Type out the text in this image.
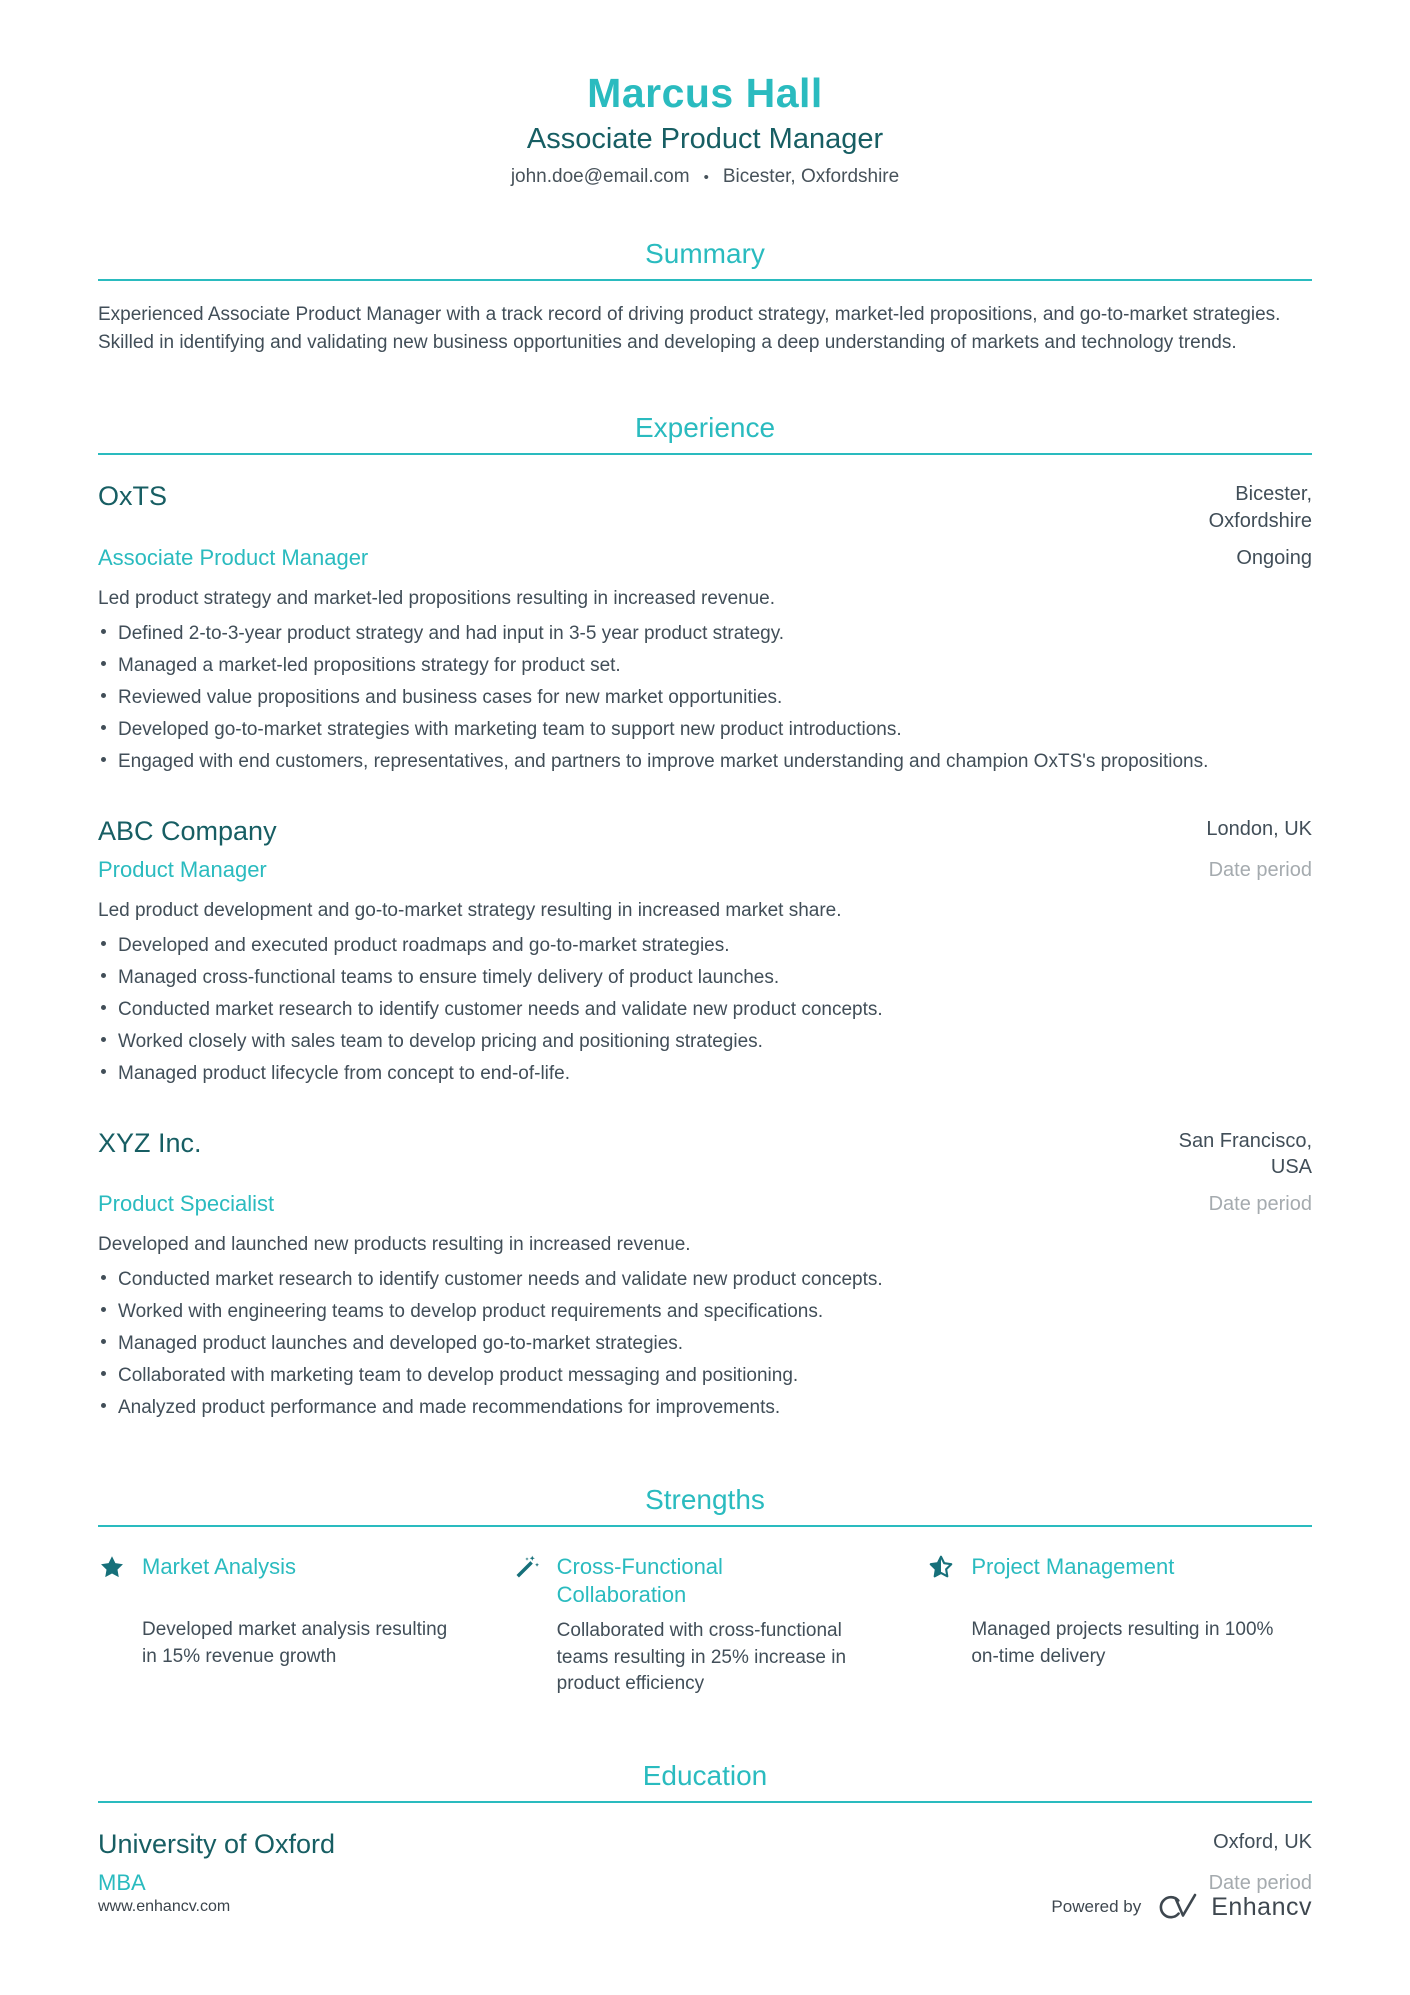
Marcus Hall
Associate Product Manager
john.doe@email.com • Bicester, Oxfordshire
Summary

Experienced Associate Product Manager with a track record of driving product strategy, market-led propositions, and go-to-market strategies. Skilled in identifying and validating new business opportunities and developing a deep understanding of markets and technology trends.

Experience
OxTS	Bicester, Oxfordshire
Associate Product Manager	Ongoing

Led product strategy and market-led propositions resulting in increased revenue.

Defined 2-to-3-year product strategy and had input in 3-5 year product strategy.
Managed a market-led propositions strategy for product set.
Reviewed value propositions and business cases for new market opportunities.
Developed go-to-market strategies with marketing team to support new product introductions.
Engaged with end customers, representatives, and partners to improve market understanding and champion OxTS's propositions.
ABC Company	London, UK
Product Manager	Date period

Led product development and go-to-market strategy resulting in increased market share.

Developed and executed product roadmaps and go-to-market strategies.
Managed cross-functional teams to ensure timely delivery of product launches.
Conducted market research to identify customer needs and validate new product concepts.
Worked closely with sales team to develop pricing and positioning strategies.
Managed product lifecycle from concept to end-of-life.
XYZ Inc.	San Francisco, USA
Product Specialist	Date period

Developed and launched new products resulting in increased revenue.

Conducted market research to identify customer needs and validate new product concepts.
Worked with engineering teams to develop product requirements and specifications.
Managed product launches and developed go-to-market strategies.
Collaborated with marketing team to develop product messaging and positioning.
Analyzed product performance and made recommendations for improvements.
Strengths
Market Analysis
Developed market analysis resulting in 15% revenue growth
Cross-Functional Collaboration
Collaborated with cross-functional teams resulting in 25% increase in product efficiency
Project Management
Managed projects resulting in 100% on-time delivery
Education
University of Oxford	Oxford, UK
MBA	Date period
www.enhancv.com	Powered by	Enhancv
